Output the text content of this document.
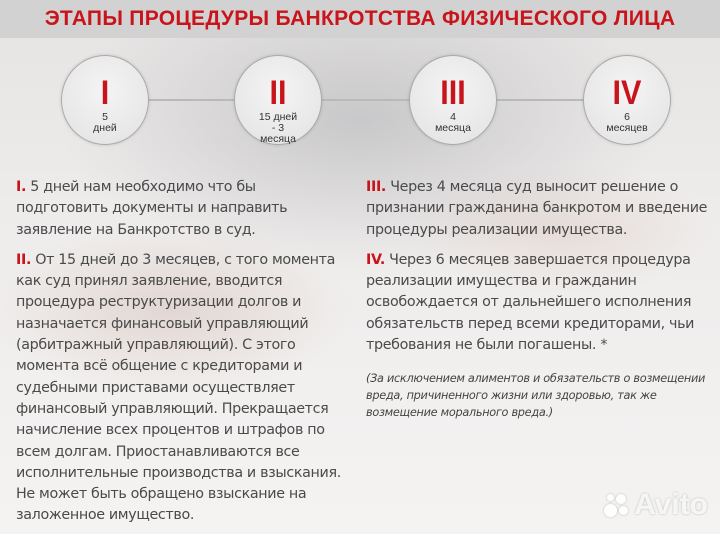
ЭТАПЫ ПРОЦЕДУРЫ БАНКРОТСТВА ФИЗИЧЕСКОГО ЛИЦА
I
5
дней
II
15 дней
- 3
месяца
III
4
месяца
IV
6
месяцев

I. 5 дней нам необходимо что бы подготовить документы и направить заявление на Банкротство в суд.

II. От 15 дней до 3 месяцев, с того момента как суд принял заявление, вводится процедура реструктуризации долгов и назначается финансовый управляющий (арбитражный управляющий). С этого момента всё общение с кредиторами и судебными приставами осуществляет финансовый управляющий. Прекращается начисление всех процентов и штрафов по всем долгам. Приостанавливаются все исполнительные производства и взыскания. Не может быть обращено взыскание на заложенное имущество.

III. Через 4 месяца суд выносит решение о признании гражданина банкротом и введение процедуры реализации имущества.

IV. Через 6 месяцев завершается процедура реализации имущества и гражданин освобождается от дальнейшего исполнения обязательств перед всеми кредиторами, чьи требования не были погашены. *

(За исключением алиментов и обязательств о возмещении вреда, причиненного жизни или здоровью, так же возмещение морального вреда.)

Avito
